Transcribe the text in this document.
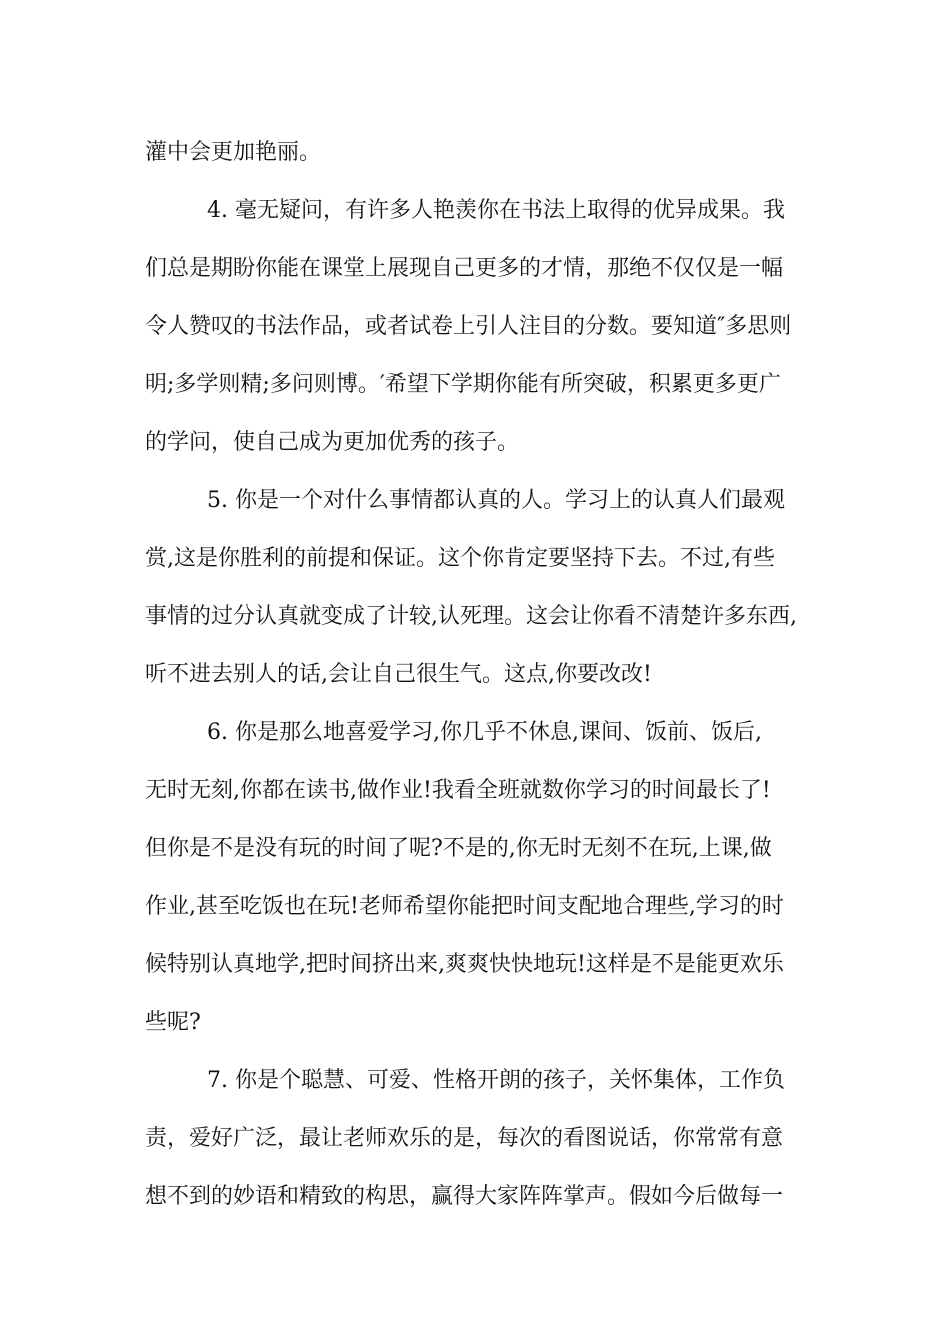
灌中会更加艳丽。
4. 毫无疑问，有许多人艳羡你在书法上取得的优异成果。我
们总是期盼你能在课堂上展现自己更多的才情，那绝不仅仅是一幅
令人赞叹的书法作品，或者试卷上引人注目的分数。要知道″多思则
明;多学则精;多问则博。′希望下学期你能有所突破，积累更多更广
的学问，使自己成为更加优秀的孩子。
5. 你是一个对什么事情都认真的人。学习上的认真人们最观
赏,这是你胜利的前提和保证。这个你肯定要坚持下去。不过,有些
事情的过分认真就变成了计较,认死理。这会让你看不清楚许多东西,
听不进去别人的话,会让自己很生气。这点,你要改改!
6. 你是那么地喜爱学习,你几乎不休息,课间、饭前、饭后,
无时无刻,你都在读书,做作业!我看全班就数你学习的时间最长了!
但你是不是没有玩的时间了呢?不是的,你无时无刻不在玩,上课,做
作业,甚至吃饭也在玩!老师希望你能把时间支配地合理些,学习的时
候特别认真地学,把时间挤出来,爽爽快快地玩!这样是不是能更欢乐
些呢?
7. 你是个聪慧、可爱、性格开朗的孩子，关怀集体，工作负
责，爱好广泛，最让老师欢乐的是，每次的看图说话，你常常有意
想不到的妙语和精致的构思，赢得大家阵阵掌声。假如今后做每一
